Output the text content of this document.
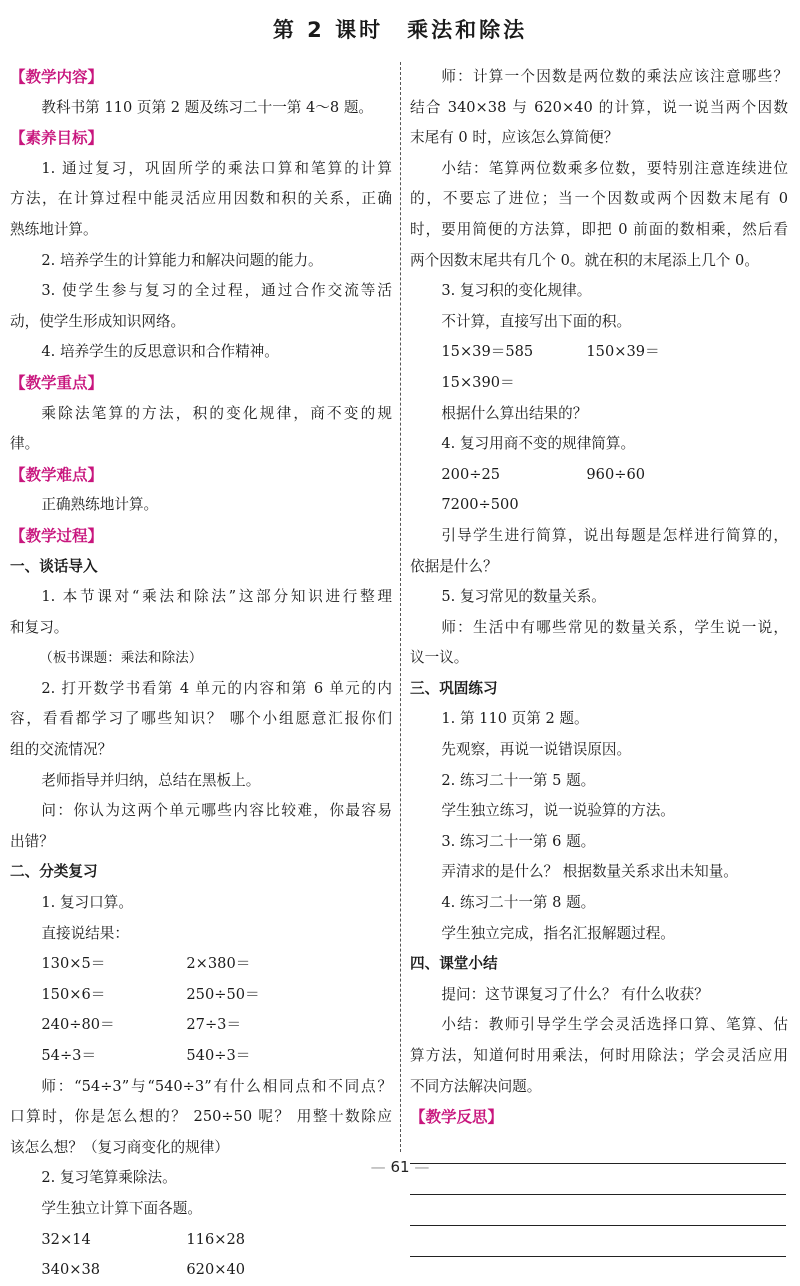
第 2 课时　乘法和除法
【教学内容】
教科书第 110 页第 2 题及练习二十一第 4～8 题。
【素养目标】
1. 通过复习，巩固所学的乘法口算和笔算的计算
方法，在计算过程中能灵活应用因数和积的关系，正确
熟练地计算。
2. 培养学生的计算能力和解决问题的能力。
3. 使学生参与复习的全过程，通过合作交流等活
动，使学生形成知识网络。
4. 培养学生的反思意识和合作精神。
【教学重点】
乘除法笔算的方法，积的变化规律，商不变的规
律。
【教学难点】
正确熟练地计算。
【教学过程】
一、谈话导入
1. 本节课对“乘法和除法”这部分知识进行整理
和复习。
（板书课题：乘法和除法）
2. 打开数学书看第 4 单元的内容和第 6 单元的内
容，看看都学习了哪些知识？ 哪个小组愿意汇报你们
组的交流情况？
老师指导并归纳，总结在黑板上。
问：你认为这两个单元哪些内容比较难，你最容易
出错？
二、分类复习
1. 复习口算。
直接说结果：
130×5＝	2×380＝
150×6＝	250÷50＝
240÷80＝	27÷3＝
54÷3＝	540÷3＝
师：“54÷3”与“540÷3”有什么相同点和不同点？
口算时，你是怎么想的？ 250÷50 呢？ 用整十数除应
该怎么想？（复习商变化的规律）
2. 复习笔算乘除法。
学生独立计算下面各题。
32×14	116×28
340×38	620×40
师：计算一个因数是两位数的乘法应该注意哪些？
结合 340×38 与 620×40 的计算，说一说当两个因数
末尾有 0 时，应该怎么算简便？
小结：笔算两位数乘多位数，要特别注意连续进位
的，不要忘了进位；当一个因数或两个因数末尾有 0
时，要用简便的方法算，即把 0 前面的数相乘，然后看
两个因数末尾共有几个 0。就在积的末尾添上几个 0。
3. 复习积的变化规律。
不计算，直接写出下面的积。
15×39＝585	150×39＝
15×390＝
根据什么算出结果的？
4. 复习用商不变的规律简算。
200÷25	960÷60
7200÷500
引导学生进行简算，说出每题是怎样进行简算的，
依据是什么？
5. 复习常见的数量关系。
师：生活中有哪些常见的数量关系，学生说一说，
议一议。
三、巩固练习
1. 第 110 页第 2 题。
先观察，再说一说错误原因。
2. 练习二十一第 5 题。
学生独立练习，说一说验算的方法。
3. 练习二十一第 6 题。
弄清求的是什么？ 根据数量关系求出未知量。
4. 练习二十一第 8 题。
学生独立完成，指名汇报解题过程。
四、课堂小结
提问：这节课复习了什么？ 有什么收获？
小结：教师引导学生学会灵活选择口算、笔算、估
算方法，知道何时用乘法，何时用除法；学会灵活应用
不同方法解决问题。
【教学反思】
— 61 —
